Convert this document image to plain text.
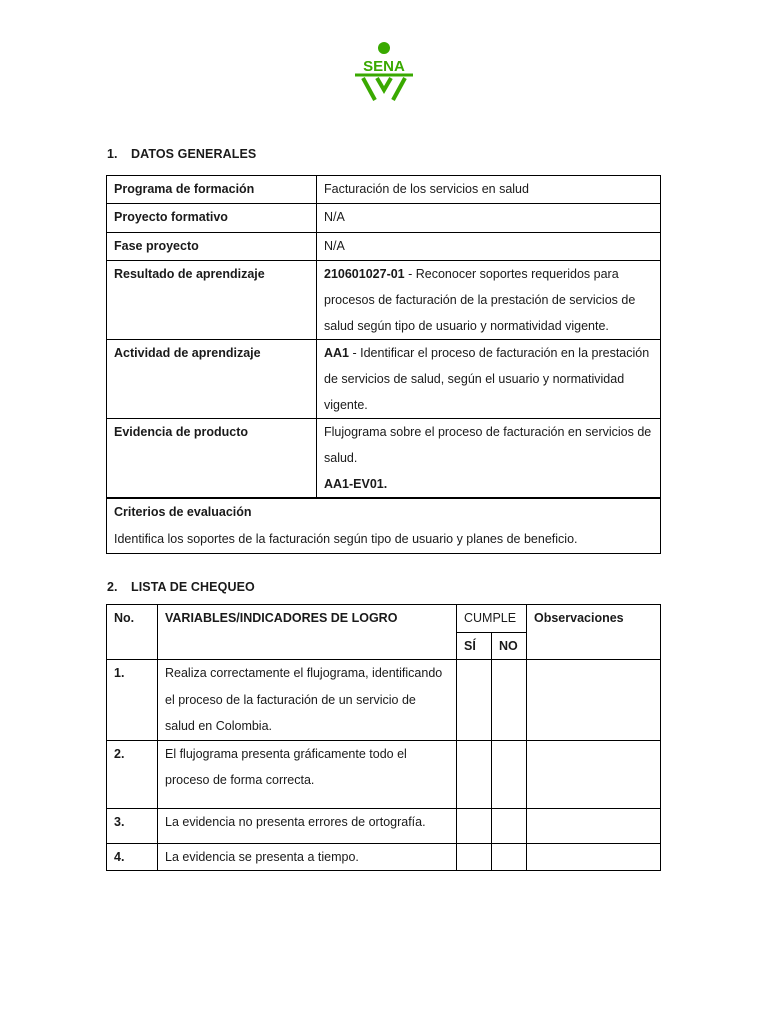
SENA
1. DATOS GENERALES
Programa de formación	Facturación de los servicios en salud
Proyecto formativo	N/A
Fase proyecto	N/A
Resultado de aprendizaje	210601027-01 - Reconocer soportes requeridos para procesos de facturación de la prestación de servicios de salud según tipo de usuario y normatividad vigente.
Actividad de aprendizaje	AA1 - Identificar el proceso de facturación en la prestación de servicios de salud, según el usuario y normatividad vigente.
Evidencia de producto	Flujograma sobre el proceso de facturación en servicios de salud.
AA1-EV01.
Criterios de evaluación
Identifica los soportes de la facturación según tipo de usuario y planes de beneficio.
2. LISTA DE CHEQUEO
No.	VARIABLES/INDICADORES DE LOGRO	CUMPLE		Observaciones
		SÍ	NO	
1.	Realiza correctamente el flujograma, identificando el proceso de la facturación de un servicio de salud en Colombia.			
2.	El flujograma presenta gráficamente todo el proceso de forma correcta.			
3.	La evidencia no presenta errores de ortografía.			
4.	La evidencia se presenta a tiempo.			
